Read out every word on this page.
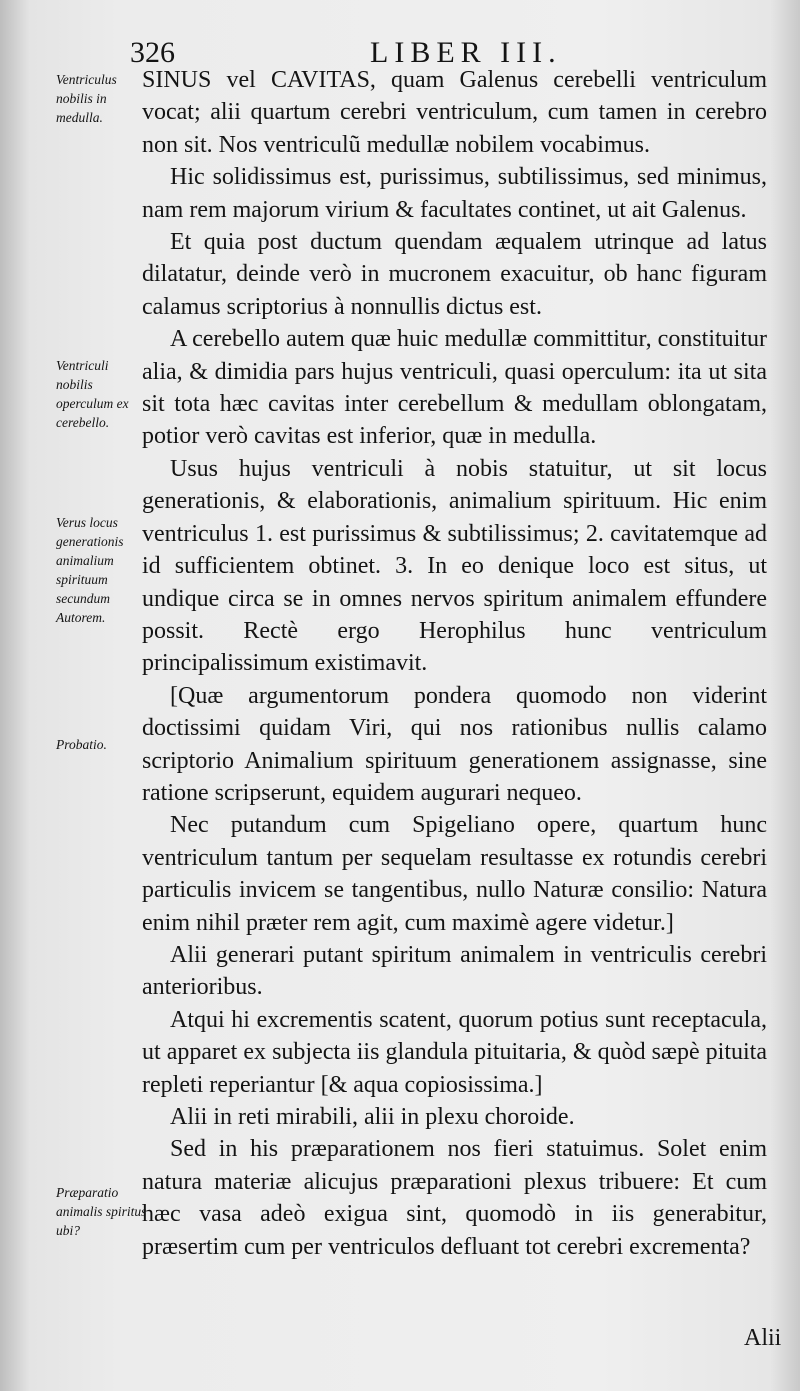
326	LIBER III.
Ventriculus nobilis in medulla.
Ventriculi nobilis operculum ex cerebello.
Verus locus generationis animalium spirituum secundum Autorem.
Probatio.
Præparatio animalis spiritus ubi?

SINUS vel CAVITAS, quam Galenus cerebelli ventriculum vocat; alii quartum cerebri ventriculum, cum tamen in cerebro non sit. Nos ventriculũ medullæ nobilem vocabimus.

Hic solidissimus est, purissimus, subtilissimus, sed minimus, nam rem majorum virium & facultates continet, ut ait Galenus.

Et quia post ductum quendam æqualem utrinque ad latus dilatatur, deinde verò in mucronem exacuitur, ob hanc figuram calamus scriptorius à nonnullis dictus est.

A cerebello autem quæ huic medullæ committitur, constituitur alia, & dimidia pars hujus ventriculi, quasi operculum: ita ut sita sit tota hæc cavitas inter cerebellum & medullam oblongatam, potior verò cavitas est inferior, quæ in medulla.

Usus hujus ventriculi à nobis statuitur, ut sit locus generationis, & elaborationis, animalium spirituum. Hic enim ventriculus 1. est purissimus & subtilissimus; 2. cavitatemque ad id sufficientem obtinet. 3. In eo denique loco est situs, ut undique circa se in omnes nervos spiritum animalem effundere possit. Rectè ergo Herophilus hunc ventriculum principalissimum existimavit.

[Quæ argumentorum pondera quomodo non viderint doctissimi quidam Viri, qui nos rationibus nullis calamo scriptorio Animalium spirituum generationem assignasse, sine ratione scripserunt, equidem augurari nequeo.

Nec putandum cum Spigeliano opere, quartum hunc ventriculum tantum per sequelam resultasse ex rotundis cerebri particulis invicem se tangentibus, nullo Naturæ consilio: Natura enim nihil præter rem agit, cum maximè agere videtur.]

Alii generari putant spiritum animalem in ventriculis cerebri anterioribus.

Atqui hi excrementis scatent, quorum potius sunt receptacula, ut apparet ex subjecta iis glandula pituitaria, & quòd sæpè pituita repleti reperiantur [& aqua copiosissima.]

Alii in reti mirabili, alii in plexu choroide.

Sed in his præparationem nos fieri statuimus. Solet enim natura materiæ alicujus præparationi plexus tribuere: Et cum hæc vasa adeò exigua sint, quomodò in iis generabitur, præsertim cum per ventriculos defluant tot cerebri excrementa?

Alii
